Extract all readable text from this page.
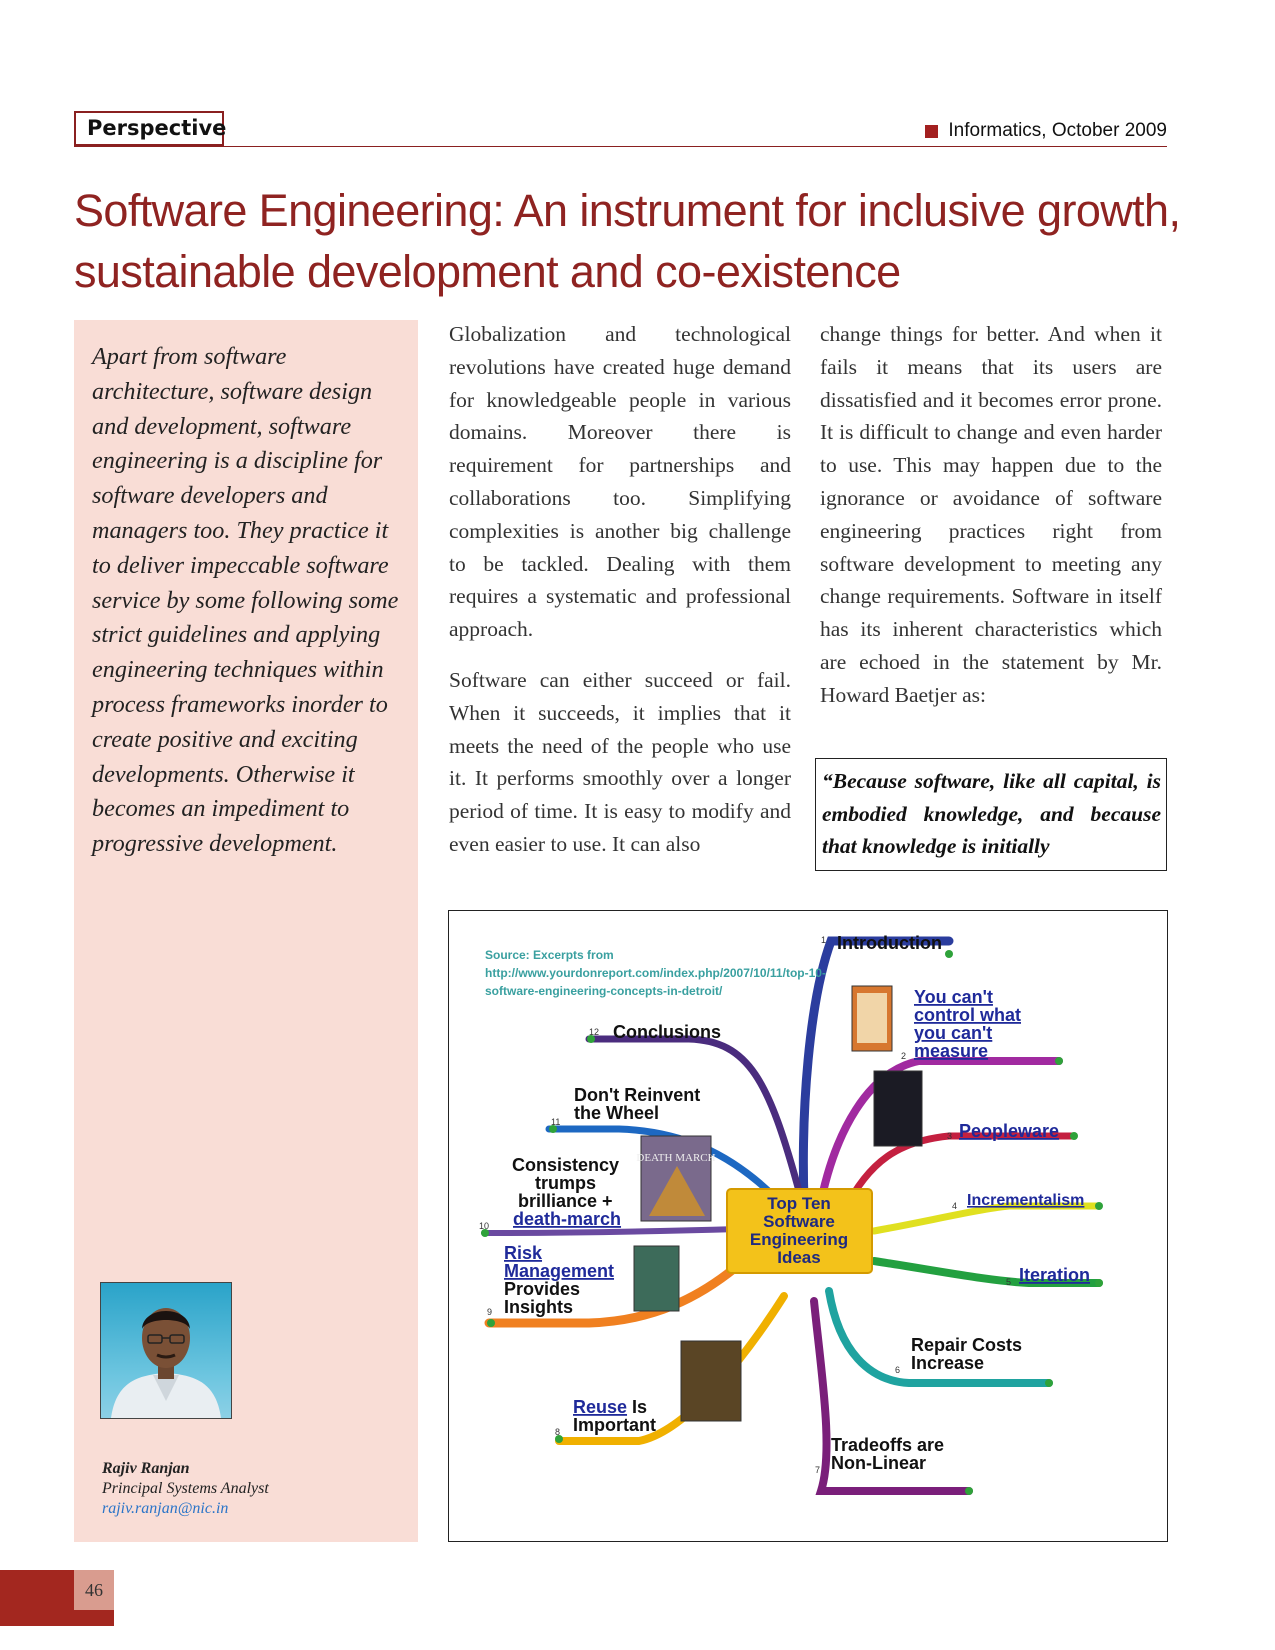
Perspective	Informatics, October 2009
Software Engineering: An instrument for inclusive growth, sustainable development and co-existence
Apart from software architecture, software design and development, software engineering is a discipline for software developers and managers too. They practice it to deliver impeccable software service by some following some strict guidelines and applying engineering techniques within process frameworks inorder to create positive and exciting developments. Otherwise it becomes an impediment to progressive development.
Rajiv Ranjan
Principal Systems Analyst
rajiv.ranjan@nic.in

Globalization and technological revolutions have created huge demand for knowledgeable people in various domains. Moreover there is requirement for partnerships and collaborations too. Simplifying complexities is another big challenge to be tackled. Dealing with them requires a systematic and professional approach.

Software can either succeed or fail. When it succeeds, it implies that it meets the need of the people who use it. It performs smoothly over a longer period of time. It is easy to modify and even easier to use. It can also

change things for better. And when it fails it means that its users are dissatisfied and it becomes error prone. It is difficult to change and even harder to use. This may happen due to the ignorance or avoidance of software engineering practices right from software development to meeting any change requirements. Software in itself has its inherent characteristics which are echoed in the statement by Mr. Howard Baetjer as:

“Because software, like all capital, is embodied knowledge, and because that knowledge is initially
DEATH MARCH
Top Ten
Software
Engineering
Ideas
Source: Excerpts from
http://www.yourdonreport.com/index.php/2007/10/11/top-10-
software-engineering-concepts-in-detroit/
Introduction
Conclusions
Don't Reinvent
the Wheel
Consistency
trumps
brilliance +
death-march
Risk
Management
Provides
Insights
Reuse Is
Important
You can't
control what
you can't
measure
Peopleware
Incrementalism
Iteration
Repair Costs
Increase
Tradeoffs are
Non-Linear
1
2
3
4
5
6
7
8
9
10
11
12
46
